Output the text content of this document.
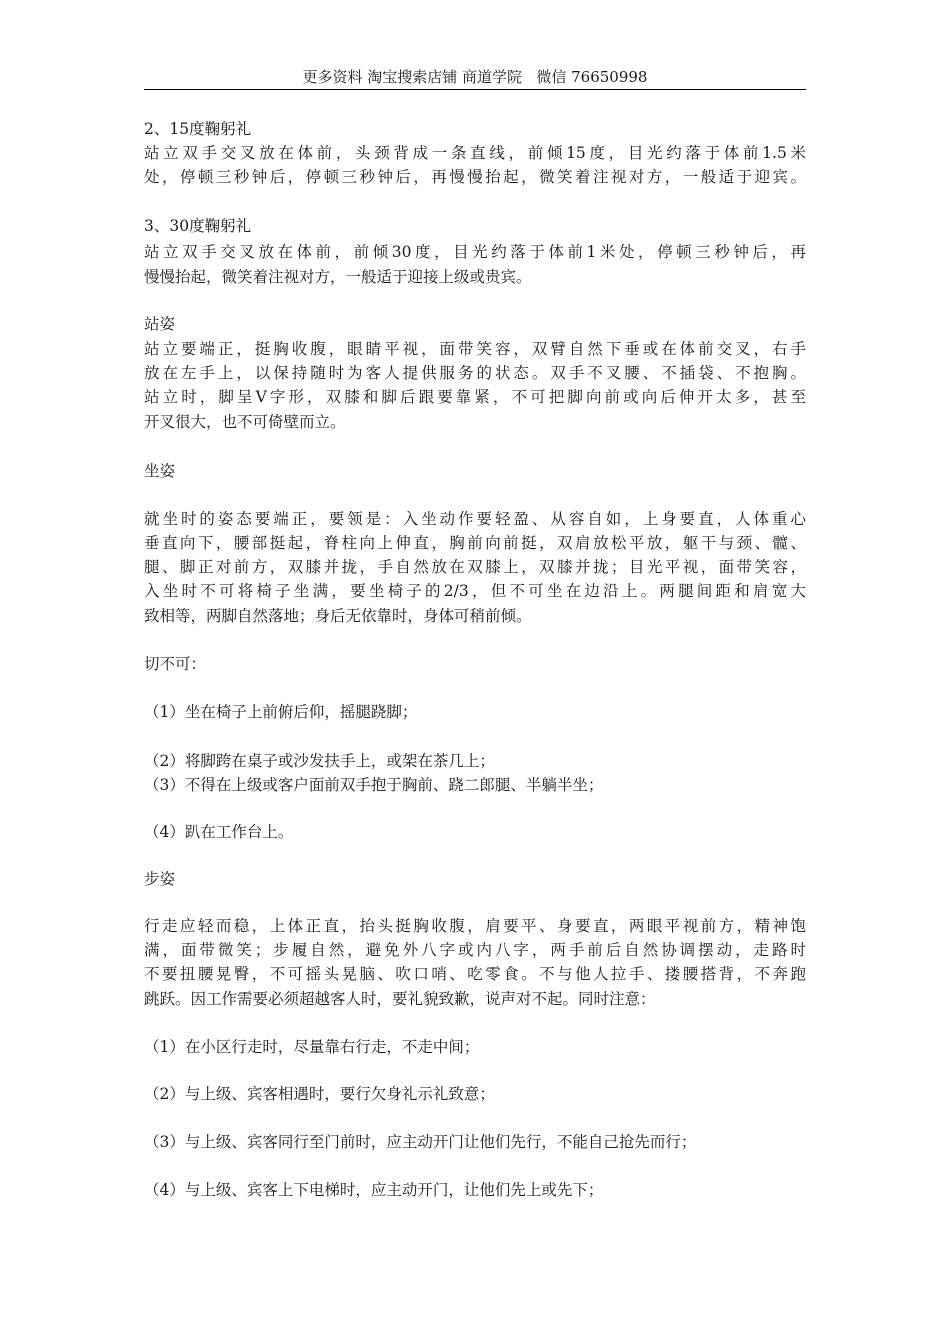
更多资料 淘宝搜索店铺 商道学院   微信 76650998
2、15度鞠躬礼
站立双手交叉放在体前，头颈背成一条直线，前倾15度，目光约落于体前1.5米
处，停顿三秒钟后，停顿三秒钟后，再慢慢抬起，微笑着注视对方，一般适于迎宾。
3、30度鞠躬礼
站立双手交叉放在体前，前倾30度，目光约落于体前1米处，停顿三秒钟后，再
慢慢抬起，微笑着注视对方，一般适于迎接上级或贵宾。
站姿
站立要端正，挺胸收腹，眼睛平视，面带笑容，双臂自然下垂或在体前交叉，右手
放在左手上，以保持随时为客人提供服务的状态。双手不叉腰、不插袋、不抱胸。
站立时，脚呈V字形，双膝和脚后跟要靠紧，不可把脚向前或向后伸开太多，甚至
开叉很大，也不可倚壁而立。
坐姿
就坐时的姿态要端正，要领是：入坐动作要轻盈、从容自如，上身要直，人体重心
垂直向下，腰部挺起，脊柱向上伸直，胸前向前挺，双肩放松平放，躯干与颈、髋、
腿、脚正对前方，双膝并拢，手自然放在双膝上，双膝并拢；目光平视，面带笑容，
入坐时不可将椅子坐满，要坐椅子的2/3，但不可坐在边沿上。两腿间距和肩宽大
致相等，两脚自然落地；身后无依靠时，身体可稍前倾。
切不可：
（1）坐在椅子上前俯后仰，摇腿跷脚；
（2）将脚跨在桌子或沙发扶手上，或架在茶几上；
（3）不得在上级或客户面前双手抱于胸前、跷二郎腿、半躺半坐；
（4）趴在工作台上。
步姿
行走应轻而稳，上体正直，抬头挺胸收腹，肩要平、身要直，两眼平视前方，精神饱
满，面带微笑；步履自然，避免外八字或内八字，两手前后自然协调摆动，走路时
不要扭腰晃臀，不可摇头晃脑、吹口哨、吃零食。不与他人拉手、搂腰搭背，不奔跑
跳跃。因工作需要必须超越客人时，要礼貌致歉，说声对不起。同时注意：
（1）在小区行走时，尽量靠右行走，不走中间；
（2）与上级、宾客相遇时，要行欠身礼示礼致意；
（3）与上级、宾客同行至门前时，应主动开门让他们先行，不能自己抢先而行；
（4）与上级、宾客上下电梯时，应主动开门，让他们先上或先下；
